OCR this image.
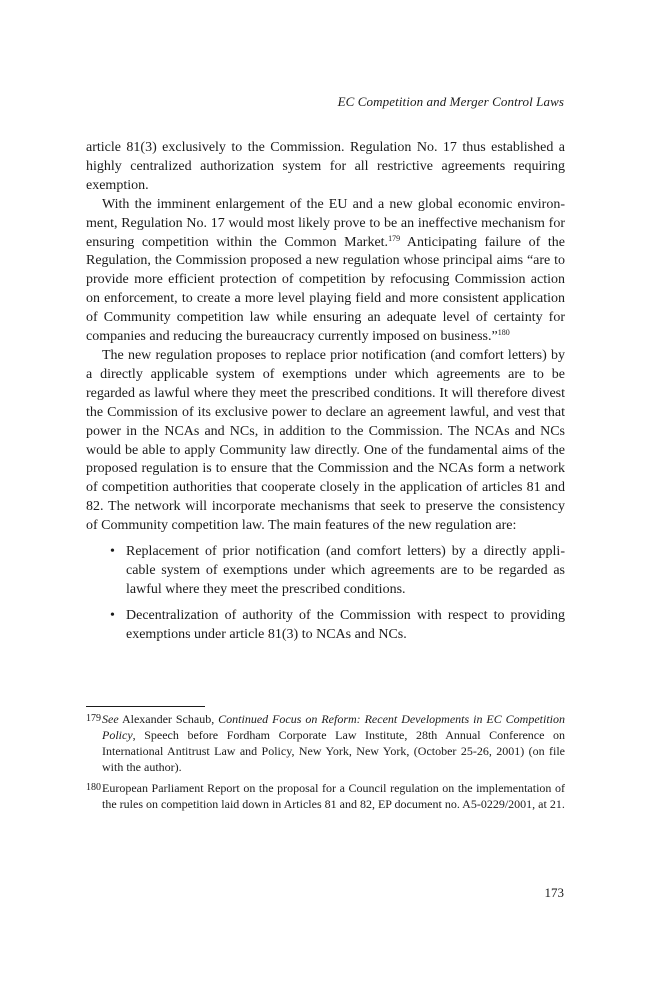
EC Competition and Merger Control Laws

article 81(3) exclusively to the Commission. Regulation No. 17 thus established a highly centralized authorization system for all restrictive agreements requiring exemption.

With the imminent enlargement of the EU and a new global economic environment, Regulation No. 17 would most likely prove to be an ineffective mechanism for ensuring competition within the Common Market.$^{179}$ Anticipating failure of the Regulation, the Commission proposed a new regulation whose principal aims “are to provide more efficient protection of competition by refocusing Commission action on enforcement, to create a more level playing field and more consistent application of Community competition law while ensuring an adequate level of certainty for companies and reducing the bureaucracy currently imposed on business.”$^{180}$

The new regulation proposes to replace prior notification (and comfort letters) by a directly applicable system of exemptions under which agreements are to be regarded as lawful where they meet the prescribed conditions. It will therefore divest the Commission of its exclusive power to declare an agreement lawful, and vest that power in the NCAs and NCs, in addition to the Commission. The NCAs and NCs would be able to apply Community law directly. One of the fundamental aims of the proposed regulation is to ensure that the Commission and the NCAs form a network of competition authorities that cooperate closely in the application of articles 81 and 82. The network will incorporate mechanisms that seek to preserve the consistency of Community competition law. The main features of the new regulation are:

• Replacement of prior notification (and comfort letters) by a directly applicable system of exemptions under which agreements are to be regarded as lawful where they meet the prescribed conditions.
• Decentralization of authority of the Commission with respect to providing exemptions under article 81(3) to NCAs and NCs.
179 See Alexander Schaub, Continued Focus on Reform: Recent Developments in EC Competition Policy, Speech before Fordham Corporate Law Institute, 28th Annual Conference on International Antitrust Law and Policy, New York, New York, (October 25-26, 2001) (on file with the author).
180 European Parliament Report on the proposal for a Council regulation on the implementation of the rules on competition laid down in Articles 81 and 82, EP document no. A5-0229/2001, at 21.
173
